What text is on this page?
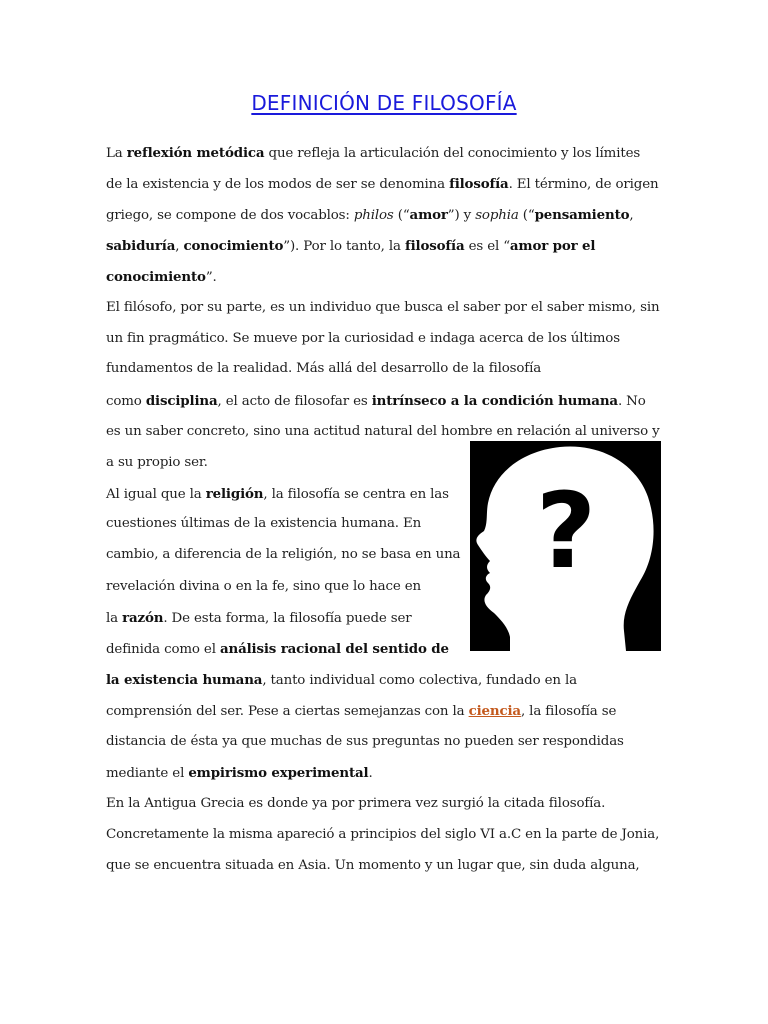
DEFINICIÓN DE FILOSOFÍA
La reflexión metódica que refleja la articulación del conocimiento y los límites
de la existencia y de los modos de ser se denomina filosofía. El término, de origen
griego, se compone de dos vocablos: philos (“amor”) y sophia (“pensamiento,
sabiduría, conocimiento”). Por lo tanto, la filosofía es el “amor por el
conocimiento”.
El filósofo, por su parte, es un individuo que busca el saber por el saber mismo, sin
un fin pragmático. Se mueve por la curiosidad e indaga acerca de los últimos
fundamentos de la realidad. Más allá del desarrollo de la filosofía
como disciplina, el acto de filosofar es intrínseco a la condición humana. No
es un saber concreto, sino una actitud natural del hombre en relación al universo y
a su propio ser.
Al igual que la religión, la filosofía se centra en las
cuestiones últimas de la existencia humana. En
cambio, a diferencia de la religión, no se basa en una
revelación divina o en la fe, sino que lo hace en
la razón. De esta forma, la filosofía puede ser
definida como el análisis racional del sentido de
la existencia humana, tanto individual como colectiva, fundado en la
comprensión del ser. Pese a ciertas semejanzas con la ciencia, la filosofía se
distancia de ésta ya que muchas de sus preguntas no pueden ser respondidas
mediante el empirismo experimental.
En la Antigua Grecia es donde ya por primera vez surgió la citada filosofía.
Concretamente la misma apareció a principios del siglo VI a.C en la parte de Jonia,
que se encuentra situada en Asia. Un momento y un lugar que, sin duda alguna,
?
